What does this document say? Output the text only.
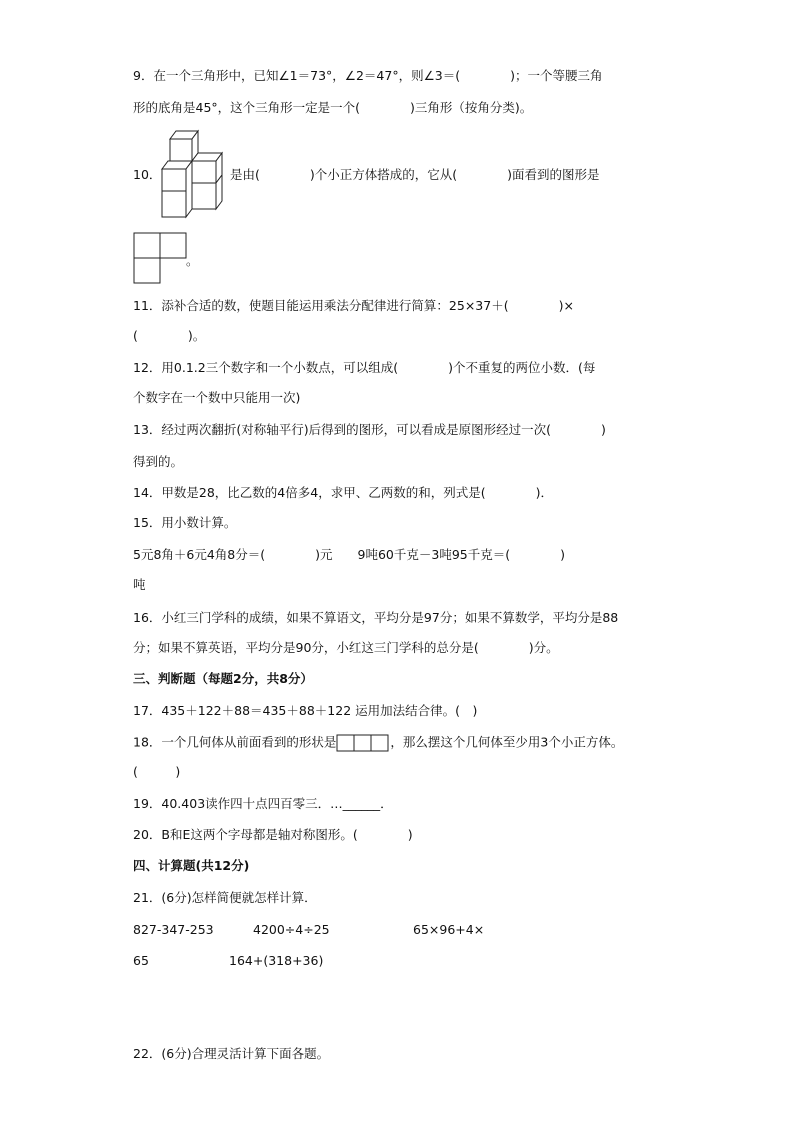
9．在一个三角形中，已知∠1＝73°，∠2＝47°，则∠3＝(　　　　)；一个等腰三角
形的底角是45°，这个三角形一定是一个(　　　　)三角形（按角分类)。
10．	是由(　　　　)个小正方体搭成的，它从(　　　　)面看到的图形是
。
11．添补合适的数，使题目能运用乘法分配律进行简算：25×37＋(　　　　)×
(　　　　)。
12．用0.1.2三个数字和一个小数点，可以组成(　　　　)个不重复的两位小数．(每
个数字在一个数中只能用一次)
13．经过两次翻折(对称轴平行)后得到的图形，可以看成是原图形经过一次(　　　　)
得到的。
14．甲数是28，比乙数的4倍多4，求甲、乙两数的和，列式是(　　　　)．
15．用小数计算。
5元8角＋6元4角8分＝(　　　　)元　　9吨60千克－3吨95千克＝(　　　　)
吨
16．小红三门学科的成绩，如果不算语文，平均分是97分；如果不算数学，平均分是88
分；如果不算英语，平均分是90分，小红这三门学科的总分是(　　　　)分。
三、判断题（每题2分，共8分）
17．435＋122＋88＝435＋88＋122 运用加法结合律。(　)
18．一个几何体从前面看到的形状是	，那么摆这个几何体至少用3个小正方体。
(　　　)
19．40.403读作四十点四百零三．…______．
20．B和E这两个字母都是轴对称图形。(　　　　)
四、计算题(共12分)
21．(6分)怎样简便就怎样计算．
827-347-253	4200÷4÷25	65×96+4×
65	164+(318+36)
22．(6分)合理灵活计算下面各题。
